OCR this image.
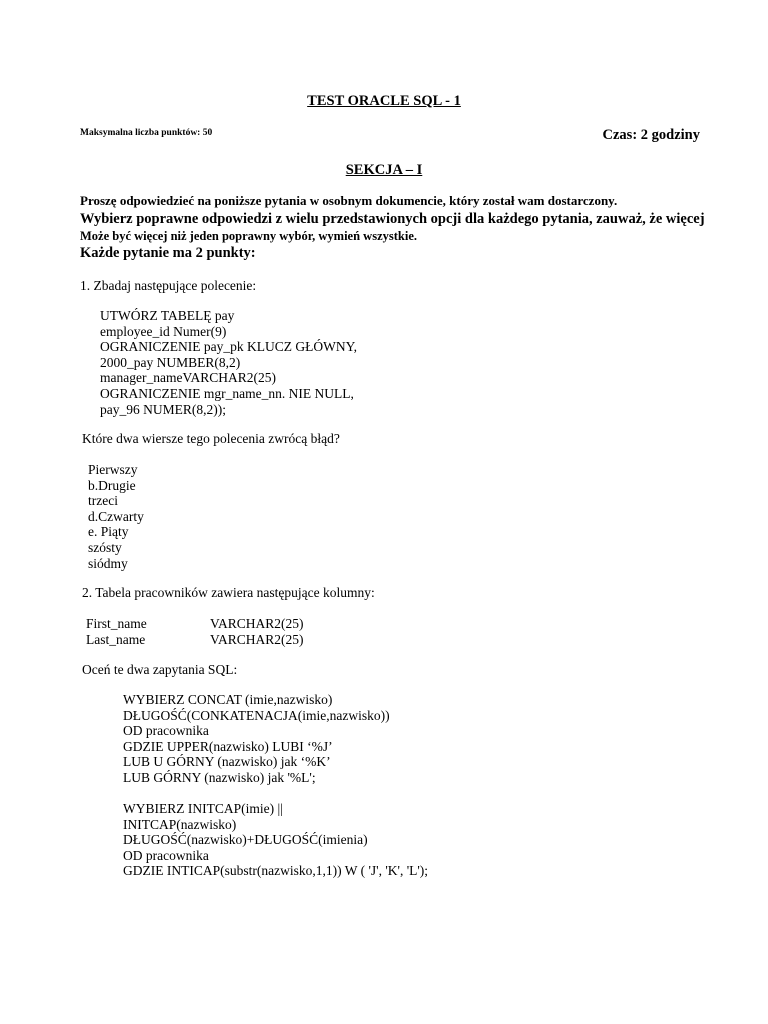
TEST ORACLE SQL - 1
Maksymalna liczba punktów: 50	Czas: 2 godziny
SEKCJA – I
Proszę odpowiedzieć na poniższe pytania w osobnym dokumencie, który został wam dostarczony.
Wybierz poprawne odpowiedzi z wielu przedstawionych opcji dla każdego pytania, zauważ, że więcej
Może być więcej niż jeden poprawny wybór, wymień wszystkie.
Każde pytanie ma 2 punkty:
1. Zbadaj następujące polecenie:
UTWÓRZ TABELĘ pay
employee_id Numer(9)
OGRANICZENIE pay_pk KLUCZ GŁÓWNY,
2000_pay NUMBER(8,2)
manager_nameVARCHAR2(25)
OGRANICZENIE mgr_name_nn. NIE NULL,
pay_96 NUMER(8,2));
Które dwa wiersze tego polecenia zwrócą błąd?
Pierwszy
b.Drugie
trzeci
d.Czwarty
e. Piąty
szósty
siódmy
2. Tabela pracowników zawiera następujące kolumny:
First_name	VARCHAR2(25)
Last_name	VARCHAR2(25)
Oceń te dwa zapytania SQL:
WYBIERZ CONCAT (imie,nazwisko)
DŁUGOŚĆ(CONKATENACJA(imie,nazwisko))
OD pracownika
GDZIE UPPER(nazwisko) LUBI ‘%J’
LUB U GÓRNY (nazwisko) jak ‘%K’
LUB GÓRNY (nazwisko) jak '%L';
WYBIERZ INITCAP(imie) ||
INITCAP(nazwisko)
DŁUGOŚĆ(nazwisko)+DŁUGOŚĆ(imienia)
OD pracownika
GDZIE INTICAP(substr(nazwisko,1,1)) W ( 'J', 'K', 'L');
